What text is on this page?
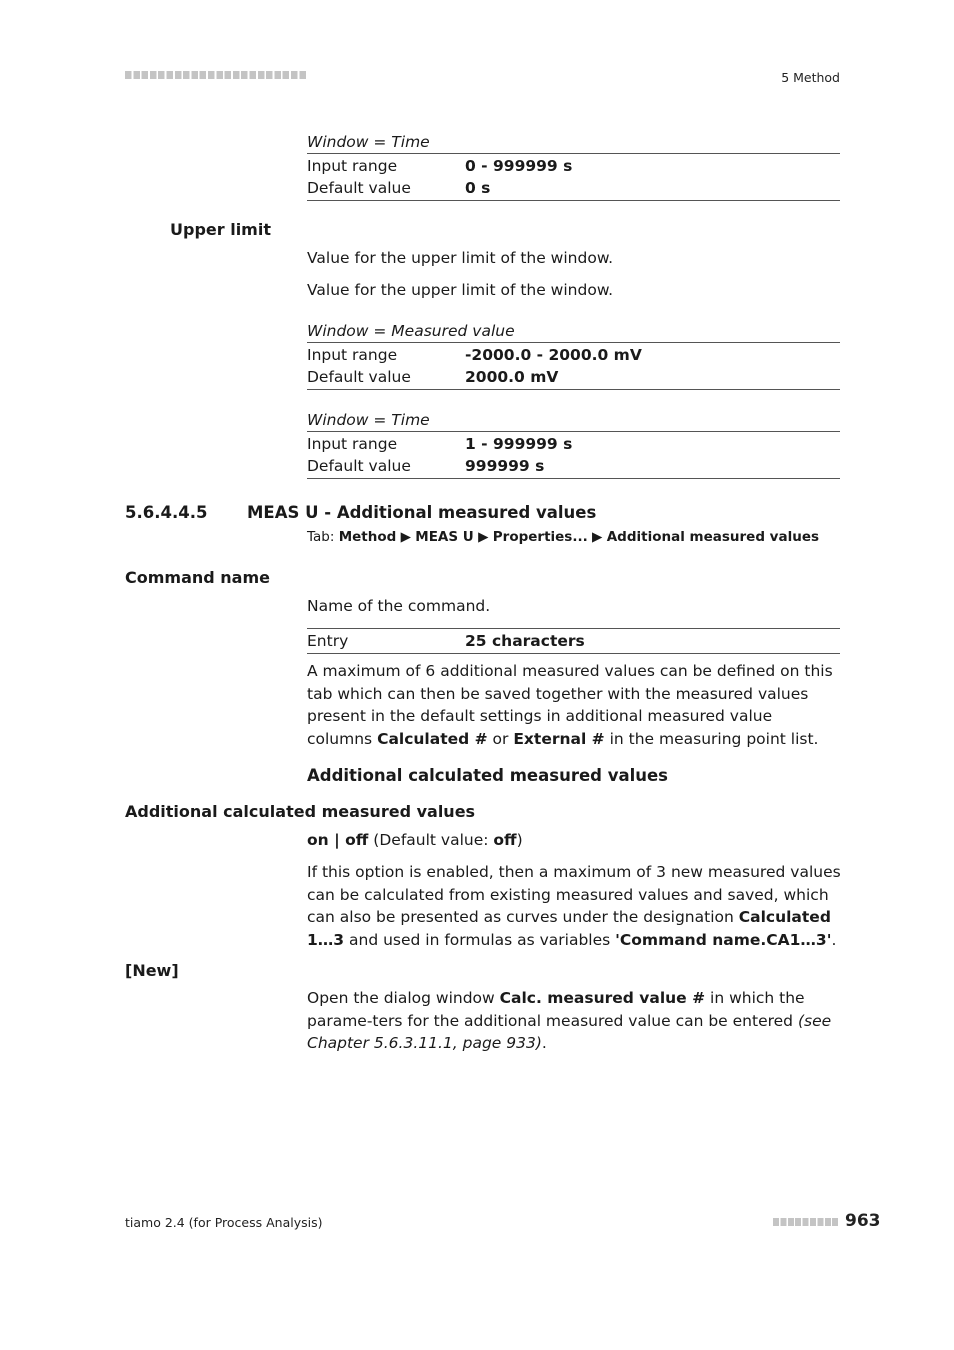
5 Method
Window = Time
Input range	0 - 999999 s
Default value	0 s
Upper limit
Value for the upper limit of the window.
Value for the upper limit of the window.
Window = Measured value
Input range	-2000.0 - 2000.0 mV
Default value	2000.0 mV
Window = Time
Input range	1 - 999999 s
Default value	999999 s
5.6.4.4.5 MEAS U - Additional measured values
Tab: Method ▶ MEAS U ▶ Properties... ▶ Additional measured values
Command name
Name of the command.
Entry	25 characters
A maximum of 6 additional measured values can be defined on this tab which can then be saved together with the measured values present in the default settings in additional measured value columns Calculated # or External # in the measuring point list.
Additional calculated measured values
Additional calculated measured values
on | off (Default value: off)
If this option is enabled, then a maximum of 3 new measured values can be calculated from existing measured values and saved, which can also be presented as curves under the designation Calculated 1…3 and used in formulas as variables 'Command name.CA1…3'.
[New]
Open the dialog window Calc. measured value # in which the parame-ters for the additional measured value can be entered (see Chapter 5.6.3.11.1, page 933).
tiamo 2.4 (for Process Analysis)	963
